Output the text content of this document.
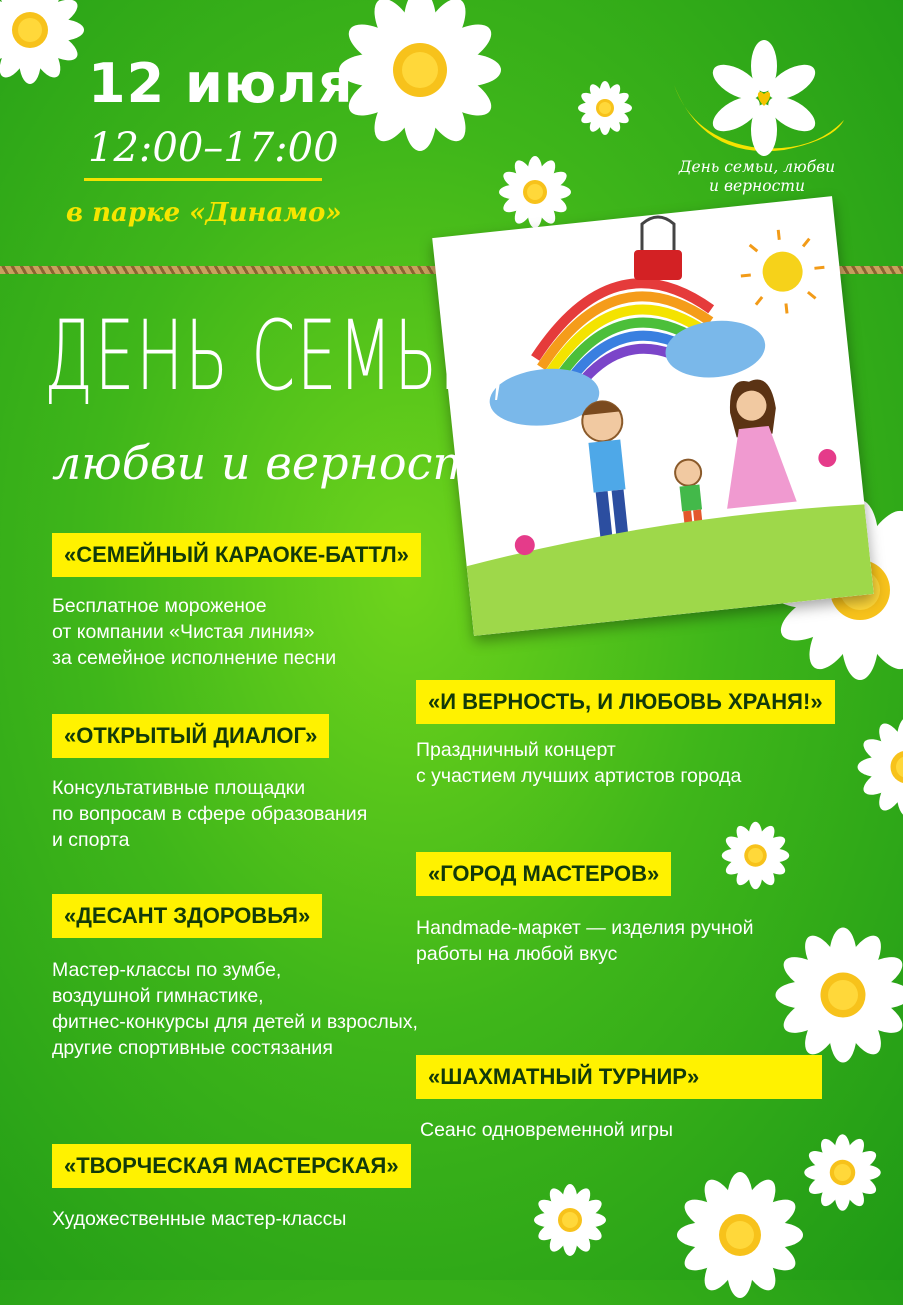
12 июля
12:00–17:00
в парке «Динамо»
День семьи, любви
и верности
ДЕНЬ СЕМЬИ,
любви и верности
«СЕМЕЙНЫЙ КАРАОКЕ-БАТТЛ»
Бесплатное мороженое
от компании «Чистая линия»
за семейное исполнение песни
«ОТКРЫТЫЙ ДИАЛОГ»
Консультативные площадки
по вопросам в сфере образования
и спорта
«ДЕСАНТ ЗДОРОВЬЯ»
Мастер-классы по зумбе,
воздушной гимнастике,
фитнес-конкурсы для детей и взрослых,
другие спортивные состязания
«ТВОРЧЕСКАЯ МАСТЕРСКАЯ»
Художественные мастер-классы
«И ВЕРНОСТЬ, И ЛЮБОВЬ ХРАНЯ!»
Праздничный концерт
с участием лучших артистов города
«ГОРОД МАСТЕРОВ»
Handmade-маркет — изделия ручной
работы на любой вкус
«ШАХМАТНЫЙ ТУРНИР»
Сеанс одновременной игры
